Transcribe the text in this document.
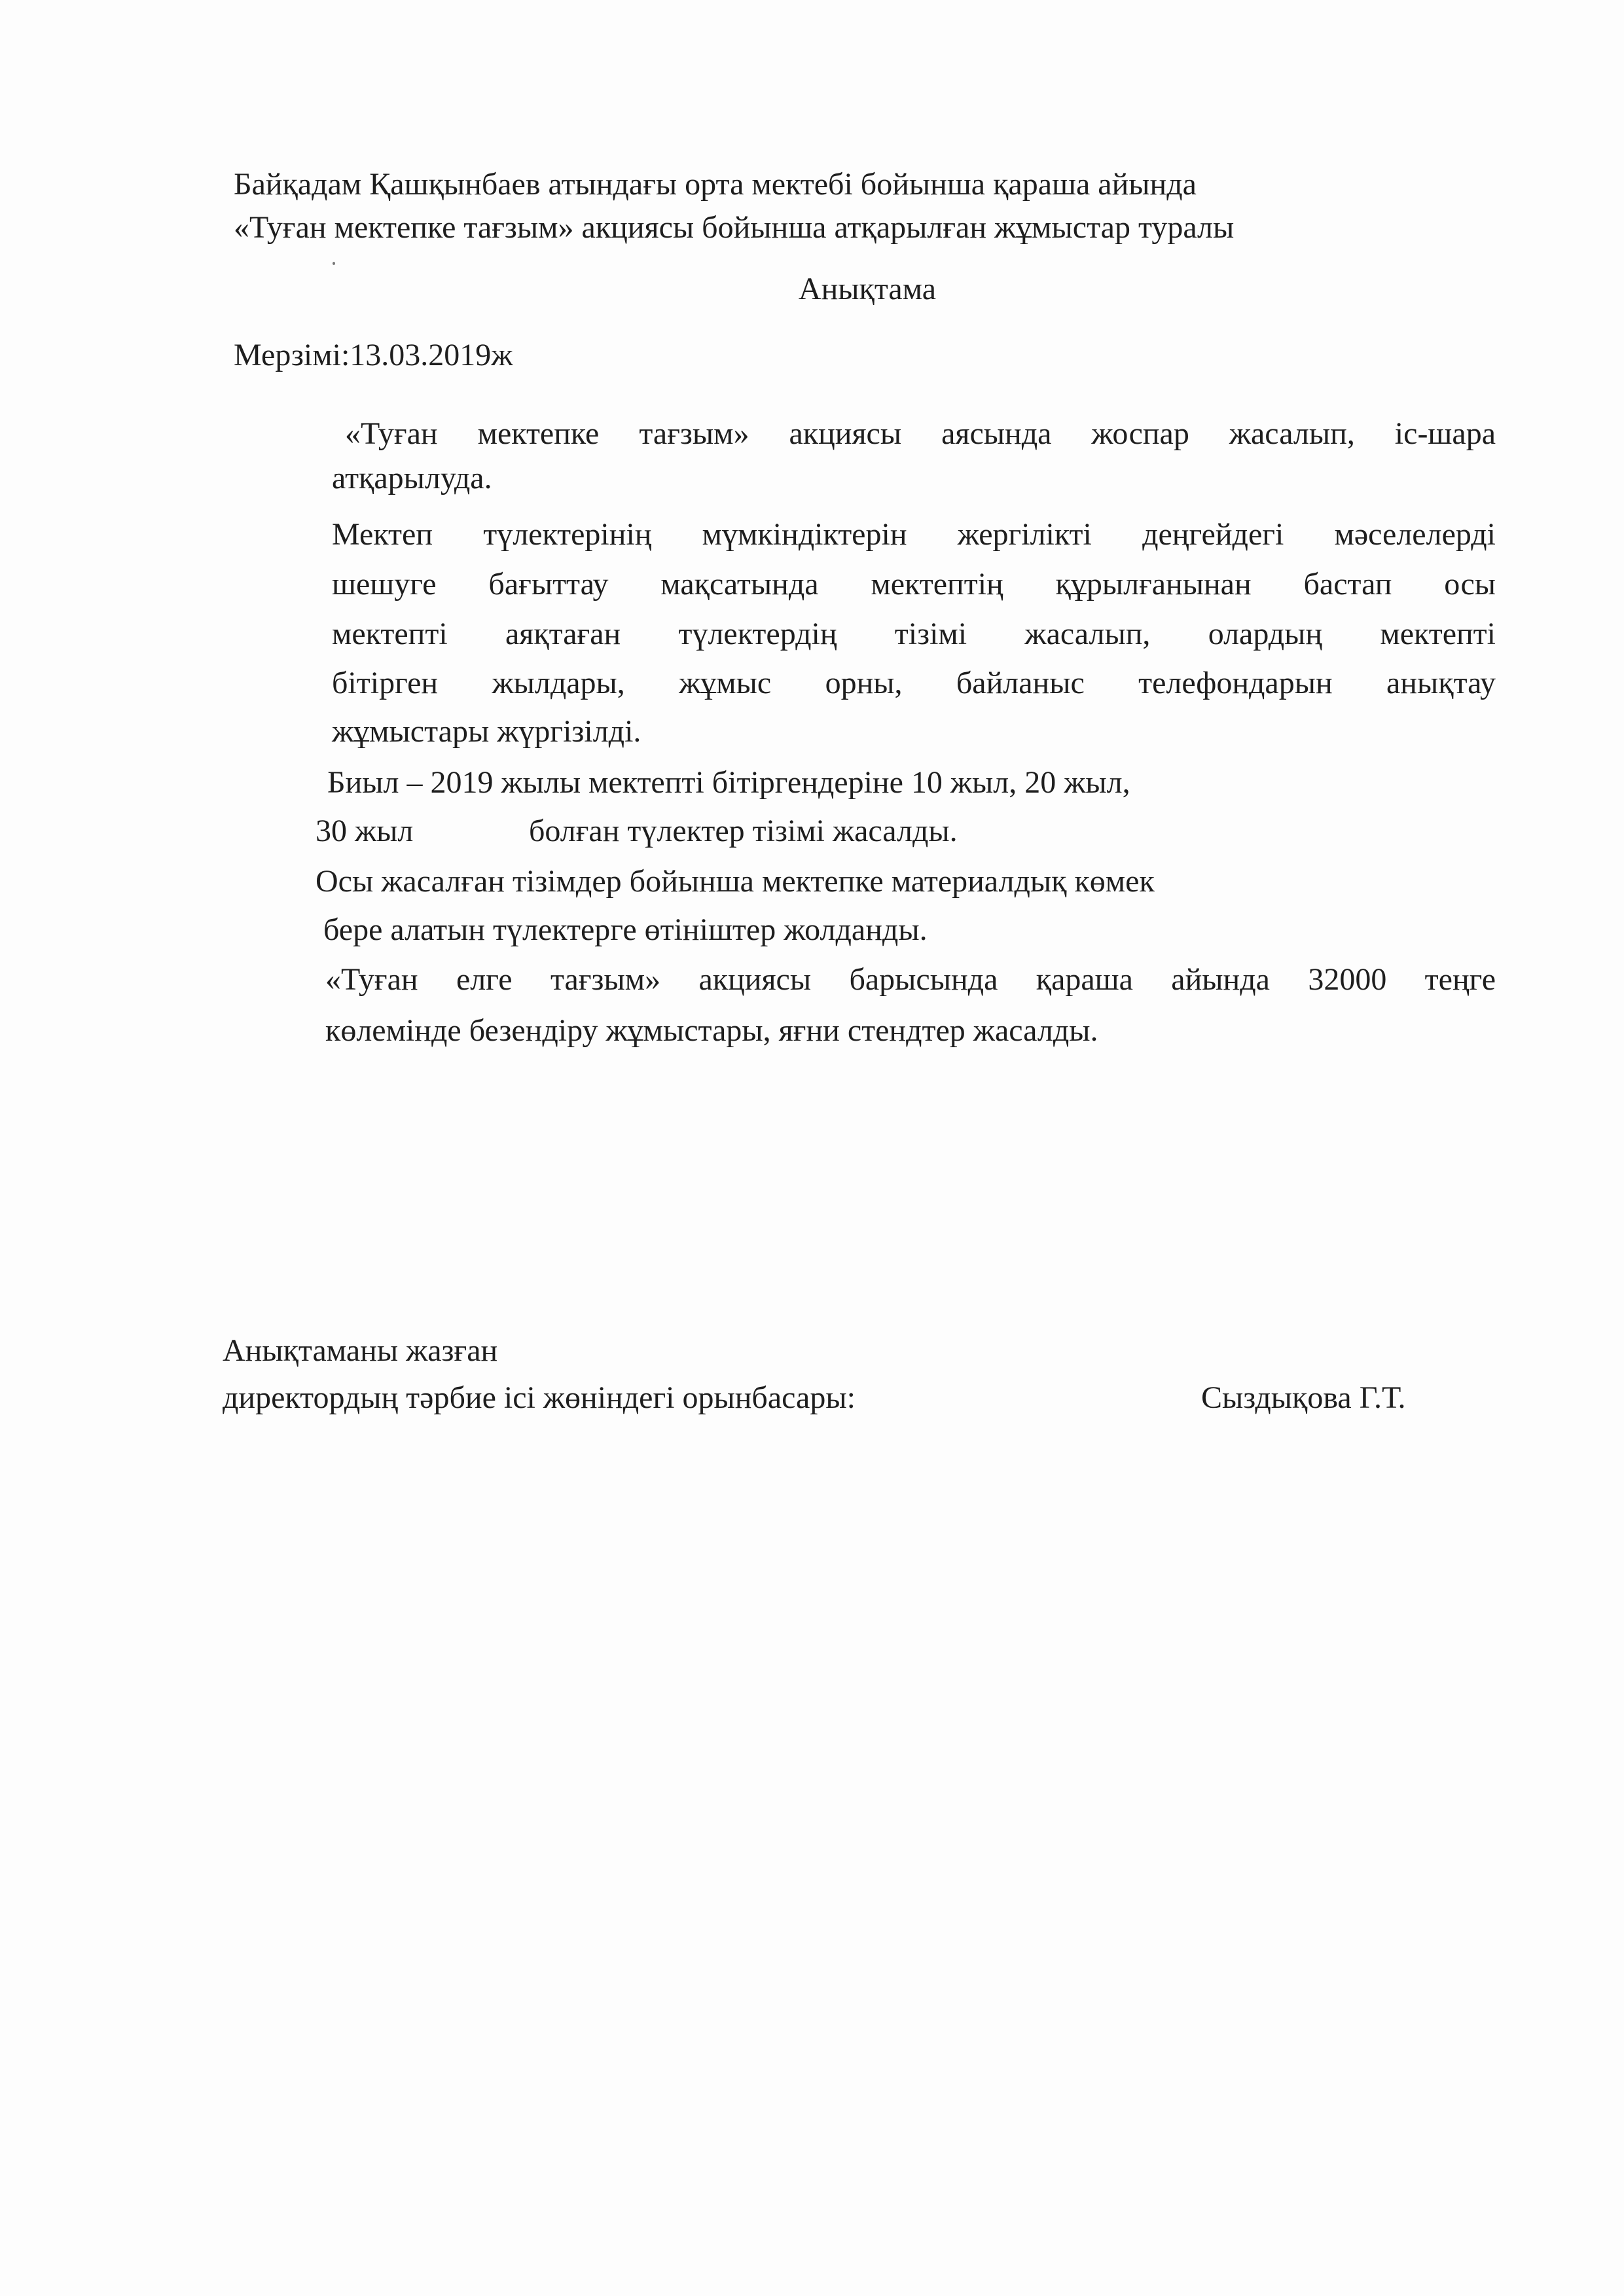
Байқадам Қашқынбаев атындағы орта мектебі бойынша қараша айында

«Туған мектепке тағзым» акциясы бойынша атқарылған жұмыстар туралы

Анықтама

Мерзімі:13.03.2019ж

«Туған мектепке тағзым» акциясы аясында жоспар жасалып, іс-шара

атқарылуда.

Мектеп түлектерінің мүмкіндіктерін жергілікті деңгейдегі мәселелерді

шешуге бағыттау мақсатында мектептің құрылғанынан бастап осы

мектепті аяқтаған түлектердің тізімі жасалып, олардың мектепті

бітірген жылдары, жұмыс орны, байланыс телефондарын анықтау

жұмыстары жүргізілді.

Биыл – 2019 жылы мектепті бітіргендеріне 10 жыл, 20 жыл,

30 жыл	болған түлектер тізімі жасалды.

Осы жасалған тізімдер бойынша мектепке материалдық көмек

бере алатын түлектерге өтініштер жолданды.

«Туған елге тағзым» акциясы барысында қараша айында 32000 теңге

көлемінде безендіру жұмыстары, яғни стендтер жасалды.

Анықтаманы жазған

директордың тәрбие ісі жөніндегі орынбасары:	Сыздықова Г.Т.
